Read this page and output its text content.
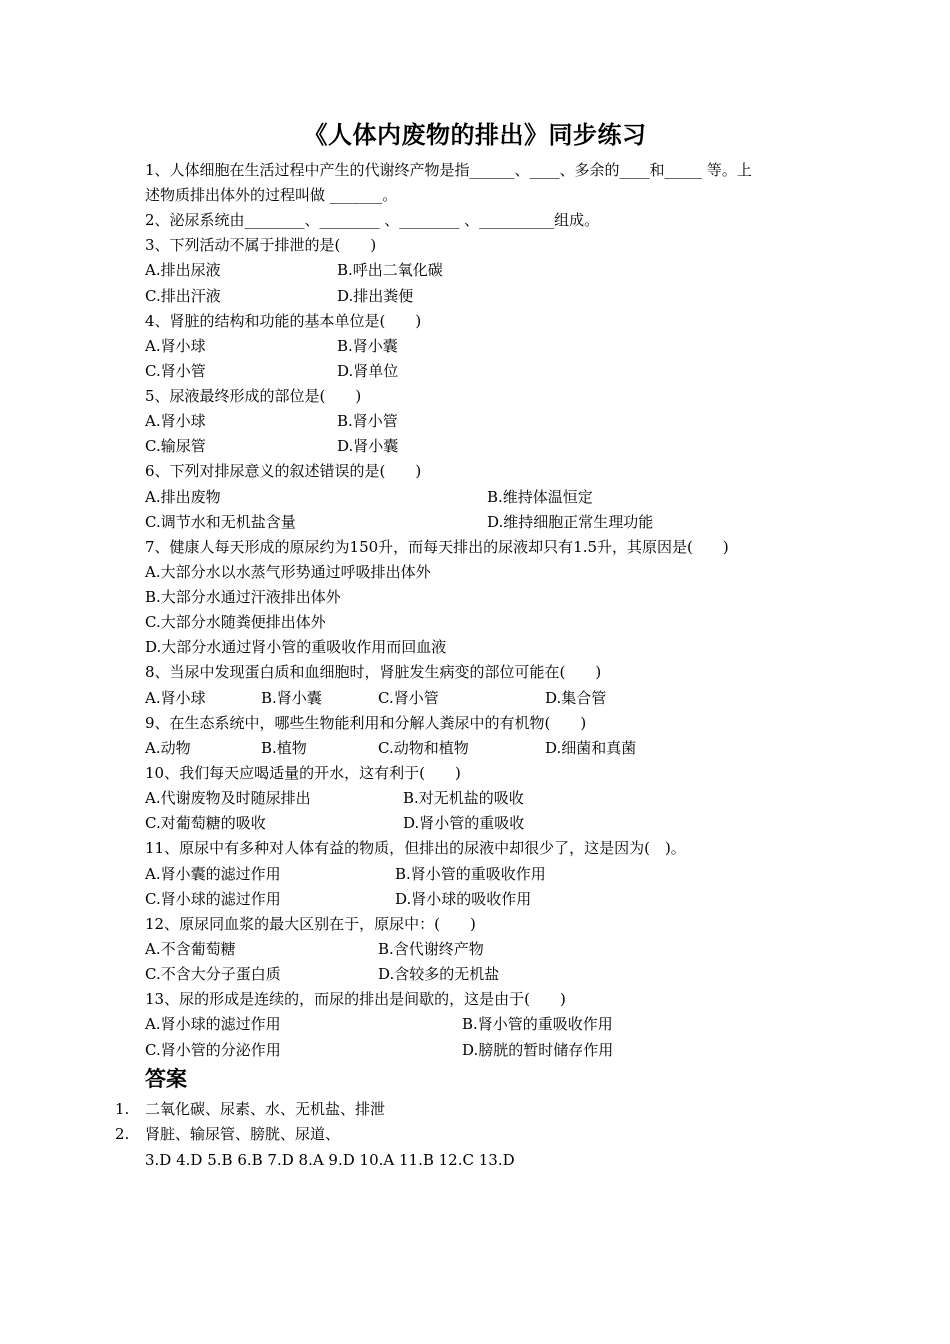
《人体内废物的排出》同步练习
1、人体细胞在生活过程中产生的代谢终产物是指______、____、多余的____和_____ 等。上
述物质排出体外的过程叫做 _______。
2、泌尿系统由________、________ 、________ 、__________组成。
3、下列活动不属于排泄的是(　　)
A.排出尿液	B.呼出二氧化碳
C.排出汗液	D.排出粪便
4、肾脏的结构和功能的基本单位是(　　)
A.肾小球	B.肾小囊
C.肾小管	D.肾单位
5、尿液最终形成的部位是(　　)
A.肾小球	B.肾小管
C.输尿管	D.肾小囊
6、下列对排尿意义的叙述错误的是(　　)
A.排出废物	B.维持体温恒定
C.调节水和无机盐含量	D.维持细胞正常生理功能
7、健康人每天形成的原尿约为150升，而每天排出的尿液却只有1.5升，其原因是(　　)
A.大部分水以水蒸气形势通过呼吸排出体外
B.大部分水通过汗液排出体外
C.大部分水随粪便排出体外
D.大部分水通过肾小管的重吸收作用而回血液
8、当尿中发现蛋白质和血细胞时，肾脏发生病变的部位可能在(　　)
A.肾小球	B.肾小囊	C.肾小管	D.集合管
9、在生态系统中，哪些生物能利用和分解人粪尿中的有机物(　　)
A.动物	B.植物	C.动物和植物	D.细菌和真菌
10、我们每天应喝适量的开水，这有利于(　　)
A.代谢废物及时随尿排出	B.对无机盐的吸收
C.对葡萄糖的吸收	D.肾小管的重吸收
11、原尿中有多种对人体有益的物质，但排出的尿液中却很少了，这是因为(　)。
A.肾小囊的滤过作用	B.肾小管的重吸收作用
C.肾小球的滤过作用	D.肾小球的吸收作用
12、原尿同血浆的最大区别在于，原尿中：(　　)
A.不含葡萄糖	B.含代谢终产物
C.不含大分子蛋白质	D.含较多的无机盐
13、尿的形成是连续的，而尿的排出是间歇的，这是由于(　　)
A.肾小球的滤过作用	B.肾小管的重吸收作用
C.肾小管的分泌作用	D.膀胱的暂时储存作用
答案
1. 二氧化碳、尿素、水、无机盐、排泄
2. 肾脏、输尿管、膀胱、尿道、
3.D 4.D 5.B 6.B 7.D 8.A 9.D 10.A 11.B 12.C 13.D
